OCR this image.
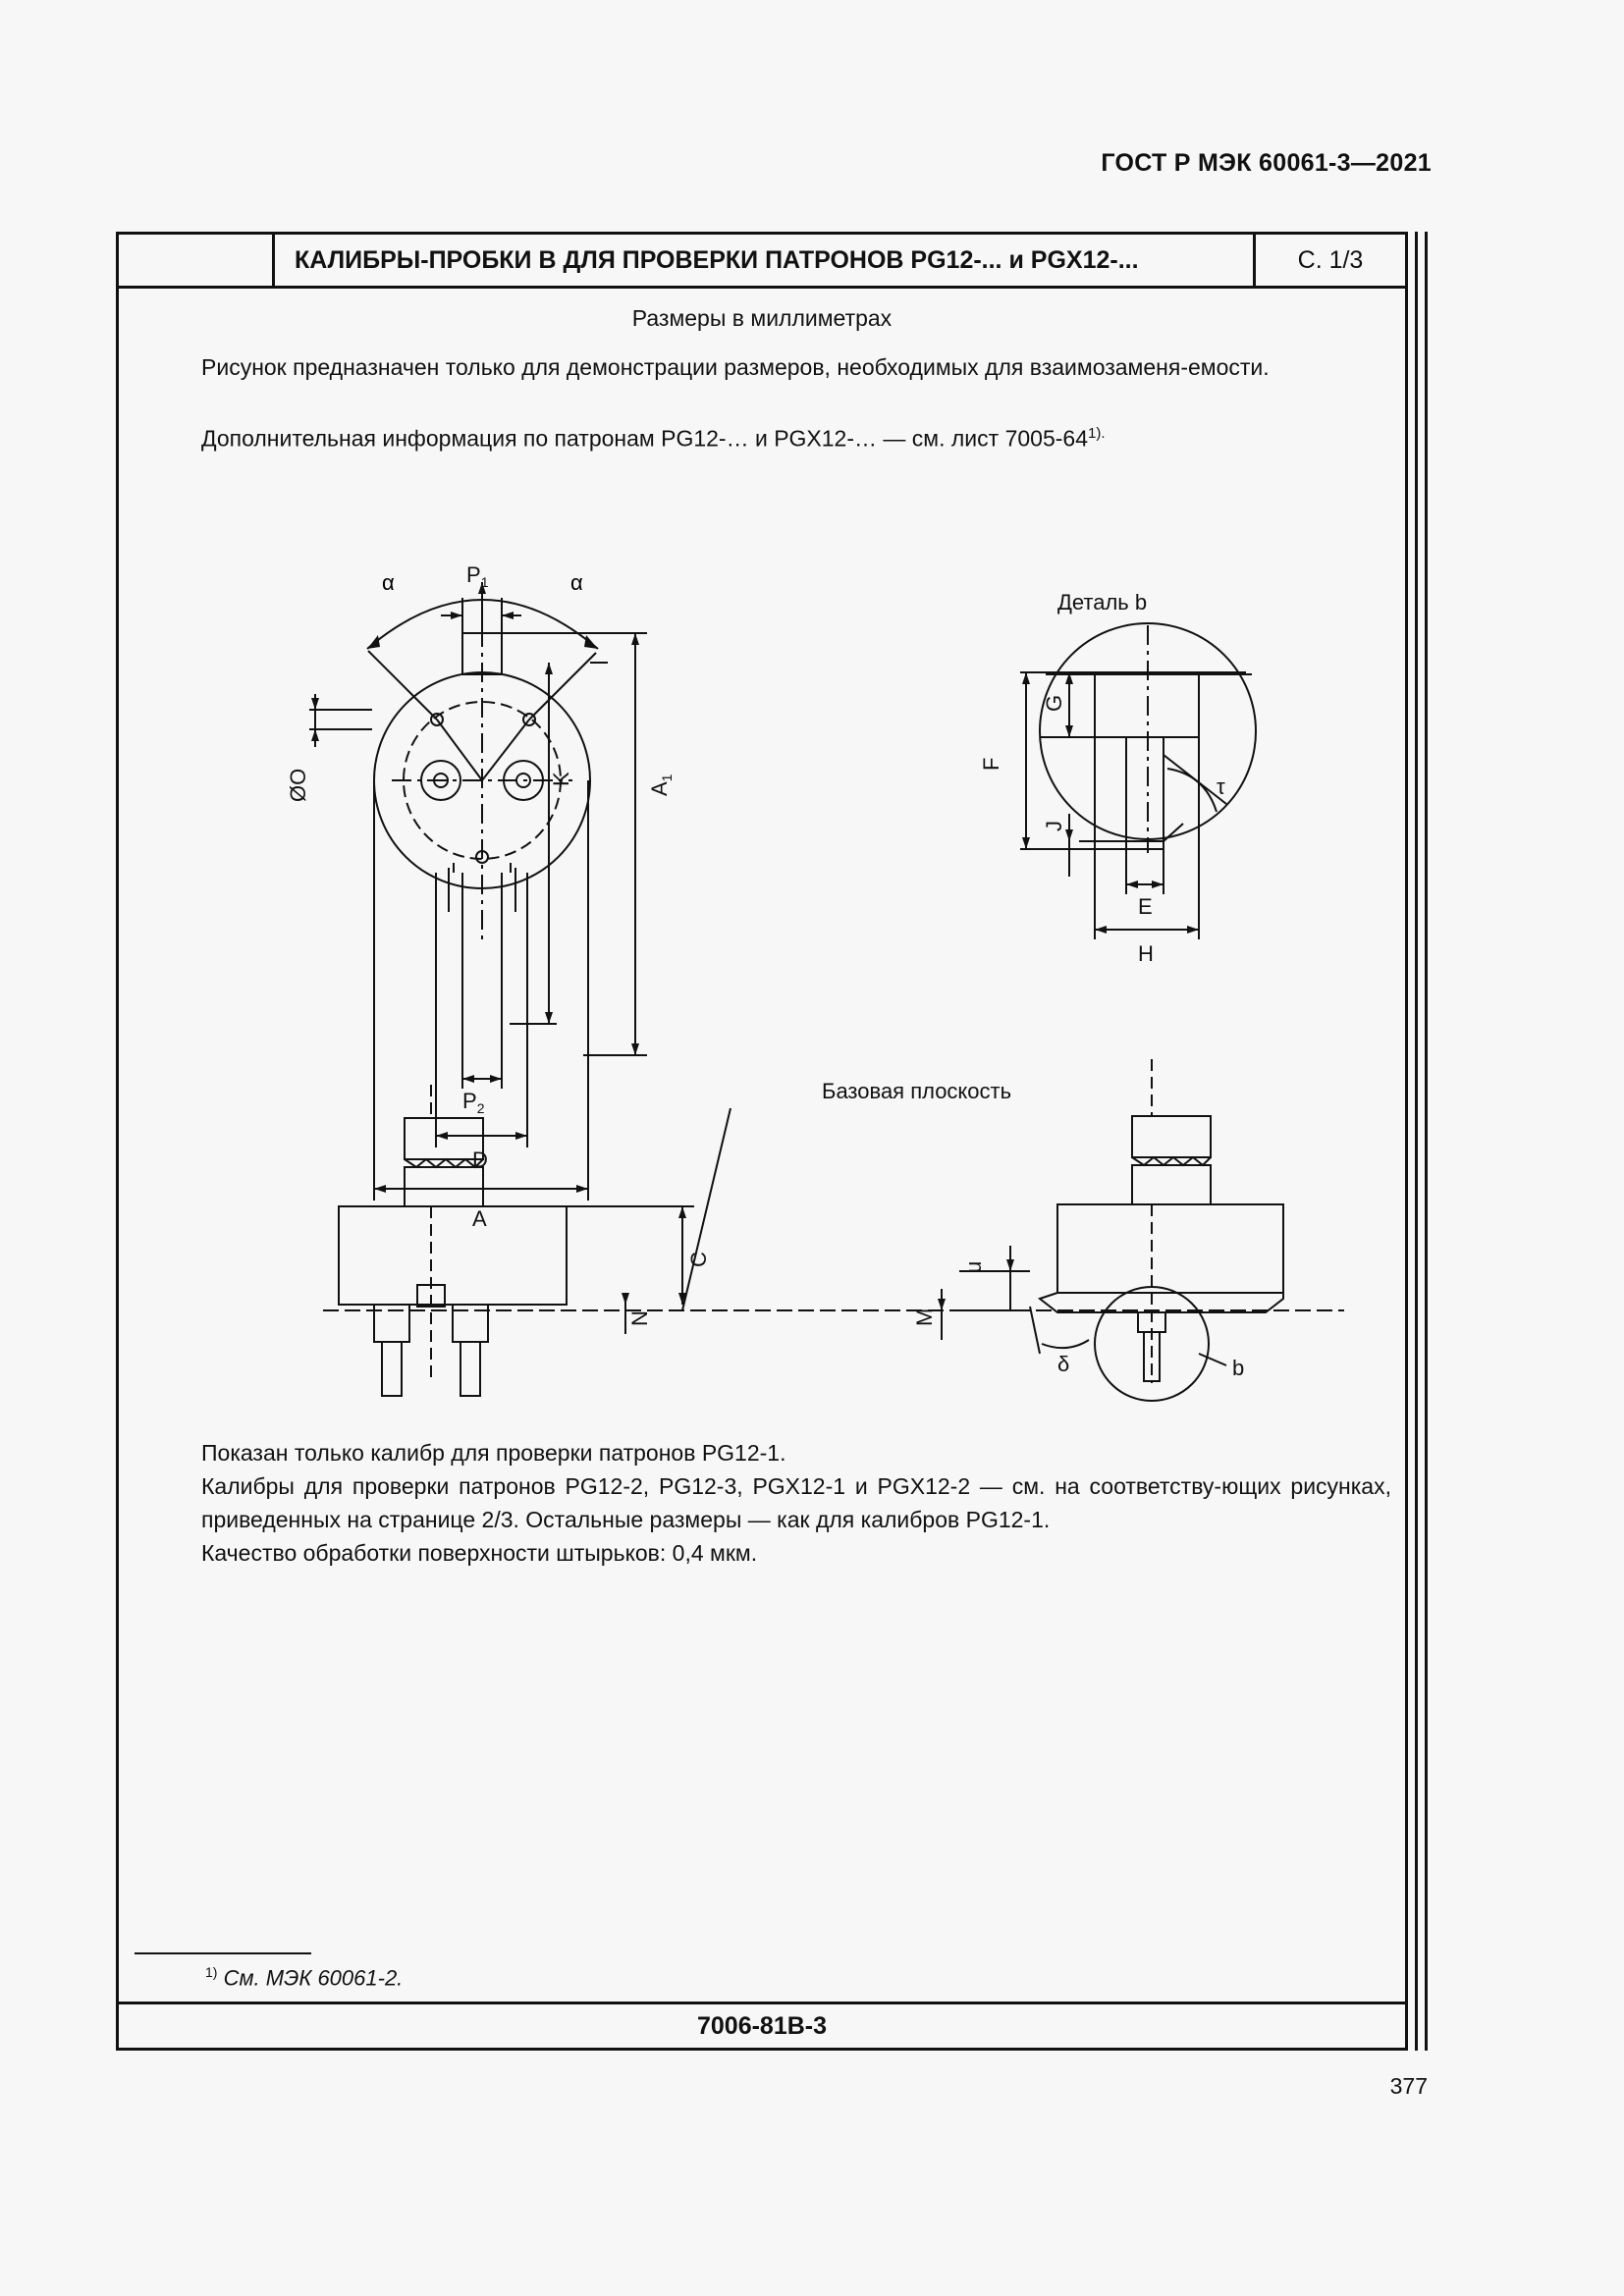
ГОСТ Р МЭК 60061-3—2021
КАЛИБРЫ-ПРОБКИ В ДЛЯ ПРОВЕРКИ ПАТРОНОВ PG12-... и PGX12-...	С. 1/3
Размеры в миллиметрах
Рисунок предназначен только для демонстрации размеров, необходимых для взаимозаменя-емости.
Дополнительная информация по патронам PG12-… и PGX12-… — см. лист $7005-64^{1).}$
$P_1$
$P_2$
D
A
ØO	K
$A_1$
Деталь b
F
G
J
E
H
τ
Базовая плоскость
C
N
u
M
δ	b
α	α
Показан только калибр для проверки патронов PG12-1.
Калибры для проверки патронов PG12-2, PG12-3, PGX12-1 и PGX12-2 — см. на соответству-ющих рисунках, приведенных на странице 2/3. Остальные размеры — как для калибров PG12-1.
Качество обработки поверхности штырьков: 0,4 мкм.
$^{1)}$ См. МЭК 60061-2.
7006-81В-3
377
